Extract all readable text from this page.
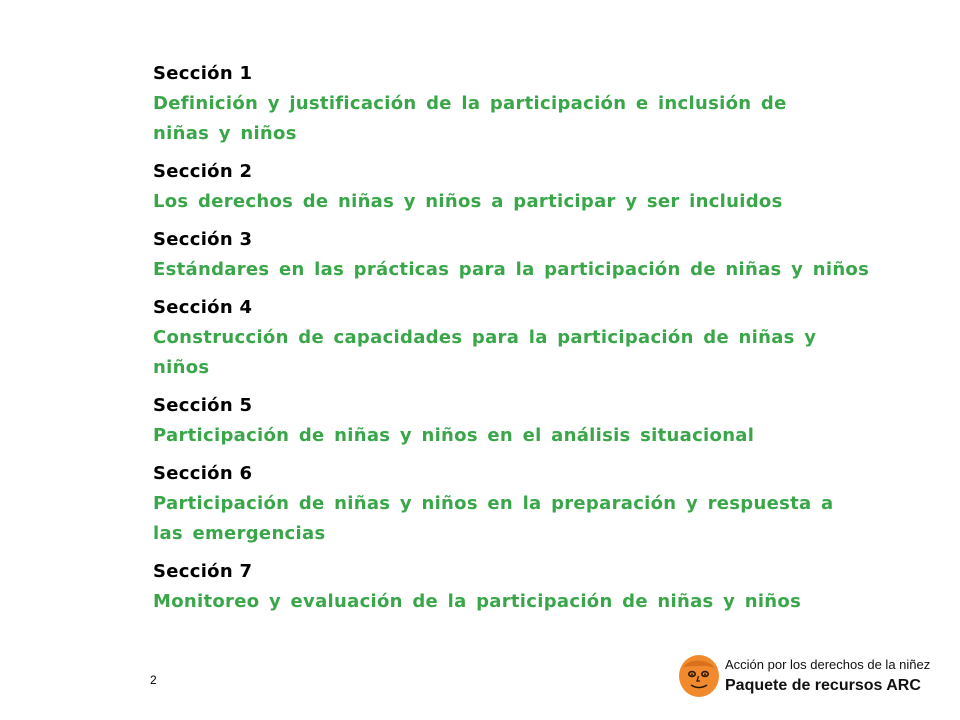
Sección 1
Definición y justificación de la participación e inclusión de
niñas y niños
Sección 2
Los derechos de niñas y niños a participar y ser incluidos
Sección 3
Estándares en las prácticas para la participación de niñas y niños
Sección 4
Construcción de capacidades para la participación de niñas y
niños
Sección 5
Participación de niñas y niños en el análisis situacional
Sección 6
Participación de niñas y niños en la preparación y respuesta a
las emergencias
Sección 7
Monitoreo y evaluación de la participación de niñas y niños
2
Acción por los derechos de la niñez
Paquete de recursos ARC
